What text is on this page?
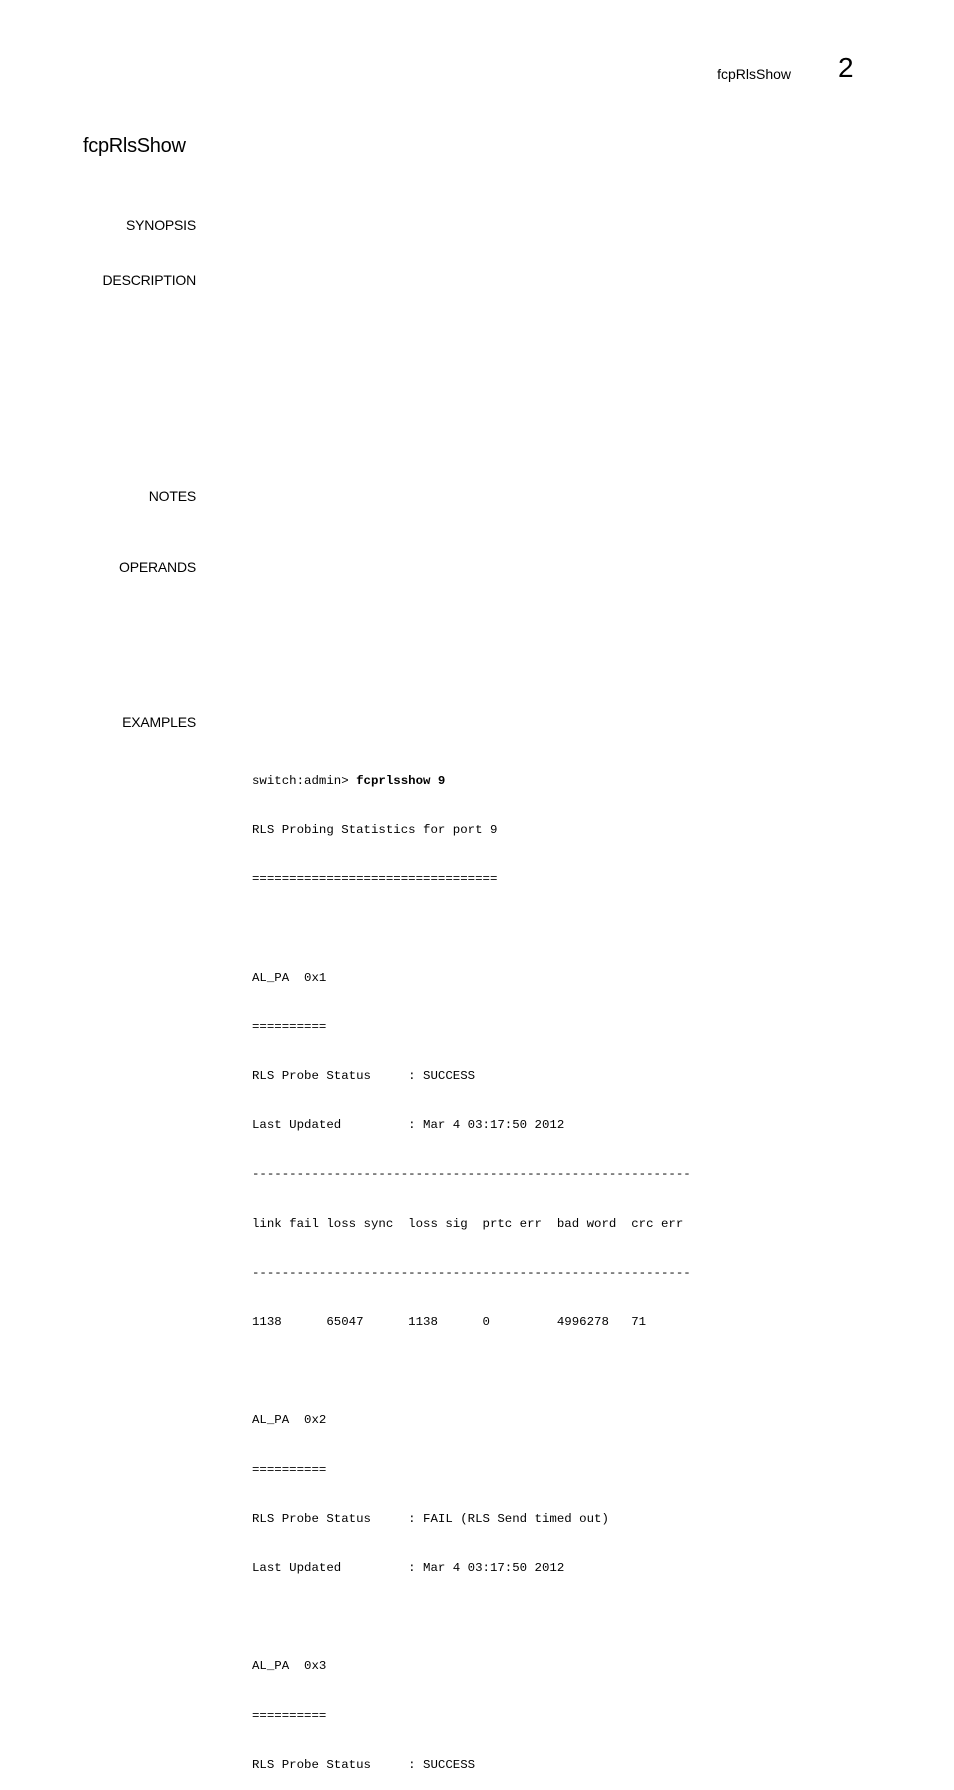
fcpRlsShow 2
fcpRlsShow
SYNOPSIS
DESCRIPTION
NOTES
OPERANDS
EXAMPLES

switch:admin> fcprlsshow 9

RLS Probing Statistics for port 9

=================================

AL_PA  0x1

==========

RLS Probe Status     : SUCCESS

Last Updated         : Mar 4 03:17:50 2012

-----------------------------------------------------------

link fail loss sync  loss sig  prtc err  bad word  crc err

-----------------------------------------------------------

1138      65047      1138      0         4996278   71

AL_PA  0x2

==========

RLS Probe Status     : FAIL (RLS Send timed out)

Last Updated         : Mar 4 03:17:50 2012

AL_PA  0x3

==========

RLS Probe Status     : SUCCESS
